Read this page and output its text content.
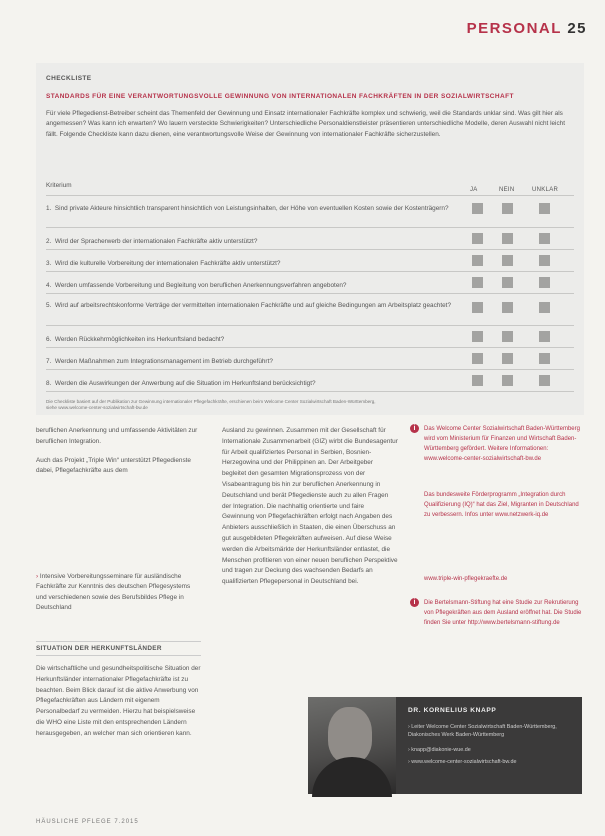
PERSONAL 25
CHECKLISTE
STANDARDS FÜR EINE VERANTWORTUNGSVOLLE GEWINNUNG VON INTERNATIONALEN FACHKRÄFTEN IN DER SOZIALWIRTSCHAFT
Für viele Pflegedienst-Betreiber scheint das Themenfeld der Gewinnung und Einsatz internationaler Fachkräfte komplex und schwierig, weil die Standards unklar sind. Was gilt hier als angemessen? Was kann ich erwarten? Wo lauern versteckte Schwierigkeiten? Unterschiedliche Personaldienstleister präsentieren unterschiedliche Modelle, deren Auswahl nicht leicht fällt. Folgende Checkliste kann dazu dienen, eine verantwortungsvolle Weise der Gewinnung von internationaler Fachkräfte sicherzustellen.
Kriterium
JA	NEIN	UNKLAR
1. Sind private Akteure hinsichtlich transparent hinsichtlich von Leistungsinhalten, der Höhe von eventuellen Kosten sowie der Kostenträgern?
2. Wird der Spracherwerb der internationalen Fachkräfte aktiv unterstützt?
3. Wird die kulturelle Vorbereitung der internationalen Fachkräfte aktiv unterstützt?
4. Werden umfassende Vorbereitung und Begleitung von beruflichen Anerkennungsverfahren angeboten?
5. Wird auf arbeitsrechtskonforme Verträge der vermittelten internationalen Fachkräfte und auf gleiche Bedingungen am Arbeitsplatz geachtet?
6. Werden Rückkehrmöglichkeiten ins Herkunftsland bedacht?
7. Werden Maßnahmen zum Integrationsmanagement im Betrieb durchgeführt?
8. Werden die Auswirkungen der Anwerbung auf die Situation im Herkunftsland berücksichtigt?
Die Checkliste basiert auf der Publikation zur Gewinnung internationaler Pflegefachkräfte, erschienen beim Welcome Center Sozialwirtschaft Baden-Württemberg, siehe www.welcome-center-sozialwirtschaft-bw.de

beruflichen Anerkennung und umfassende Aktivitäten zur beruflichen Integration.

Auch das Projekt „Triple Win“ unterstützt Pflegedienste dabei, Pflegefachkräfte aus dem

› Intensive Vorbereitungsseminare für ausländische Fachkräfte zur Kenntnis des deutschen Pflegesystems und verschiedenen sowie des Berufsbildes Pflege in Deutschland
SITUATION DER HERKUNFTSLÄNDER
Die wirtschaftliche und gesundheitspolitische Situation der Herkunftsländer internationaler Pflegefachkräfte ist zu beachten. Beim Blick darauf ist die aktive Anwerbung von Pflegefachkräften aus Ländern mit eigenem Personalbedarf zu vermeiden. Hierzu hat beispielsweise die WHO eine Liste mit den entsprechenden Ländern herausgegeben, an welcher man sich orientieren kann.

Ausland zu gewinnen. Zusammen mit der Gesellschaft für Internationale Zusammenarbeit (GIZ) wirbt die Bundesagentur für Arbeit qualifiziertes Personal in Serbien, Bosnien-Herzegowina und der Philippinen an. Der Arbeitgeber begleitet den gesamten Migrationsprozess von der Visabeantragung bis hin zur beruflichen Anerkennung in Deutschland und berät Pflegedienste auch zu allen Fragen der Integration. Die nachhaltig orientierte und faire Gewinnung von Pflegefachkräften erfolgt nach Angaben des Anbieters ausschließlich in Staaten, die einen Überschuss an gut ausgebildeten Pflegekräften aufweisen. Auf diese Weise werden die Arbeitsmärkte der Herkunftsländer entlastet, die Menschen profitieren von einer neuen beruflichen Perspektive und tragen zur Deckung des wachsenden Bedarfs an qualifizierten Pflegepersonal in Deutschland bei.

i	Das Welcome Center Sozialwirtschaft Baden-Württemberg wird vom Ministerium für Finanzen und Wirtschaft Baden-Württemberg gefördert. Weitere Informationen: www.welcome-center-sozialwirtschaft-bw.de
Das bundesweite Förderprogramm „Integration durch Qualifizierung (IQ)“ hat das Ziel, Migranten in Deutschland zu verbessern. Infos unter www.netzwerk-iq.de
www.triple-win-pflegekraefte.de
i	Die Bertelsmann-Stiftung hat eine Studie zur Rekrutierung von Pflegekräften aus dem Ausland eröffnet hat. Die Studie finden Sie unter http://www.bertelsmann-stiftung.de
DR. KORNELIUS KNAPP
› Leiter Welcome Center Sozialwirtschaft Baden-Württemberg, Diakonisches Werk Baden-Württemberg
› knapp@diakonie-wue.de
› www.welcome-center-sozialwirtschaft-bw.de
HÄUSLICHE PFLEGE 7.2015
